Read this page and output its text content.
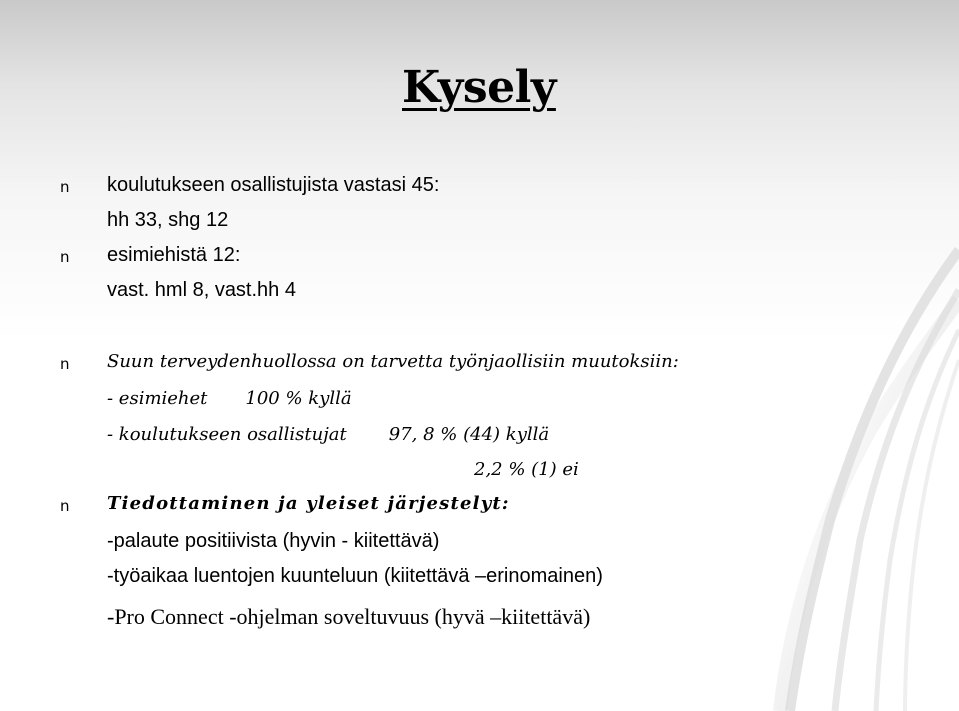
Kysely
n koulutukseen osallistujista vastasi 45:
hh 33, shg 12
n esimiehistä 12:
vast. hml 8, vast.hh 4
n Suun terveydenhuollossa on tarvetta työnjaollisiin muutoksiin:
- esimiehet 100 % kyllä
- koulutukseen osallistujat 97, 8 % (44) kyllä
2,2 % (1) ei
n Tiedottaminen ja yleiset järjestelyt:
-palaute positiivista (hyvin - kiitettävä)
-työaikaa luentojen kuunteluun (kiitettävä –erinomainen)
-Pro Connect -ohjelman soveltuvuus (hyvä –kiitettävä)
